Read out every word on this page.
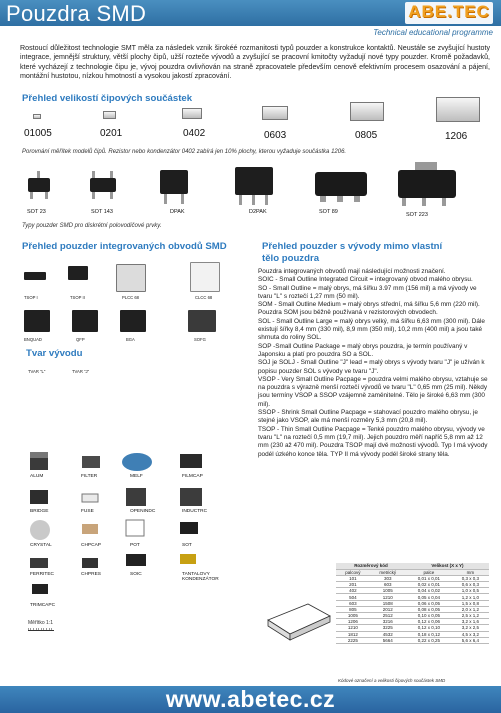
Pouzdra SMD	ABE.TEC
Technical educational programme
Rostoucí důležitost technologie SMT měla za následek vznik širokéé rozmanitosti typů pouzder a konstrukce kontaktů. Neustále se zvyšující hustoty integrace, jemnější struktury, větší plochy čipů, užší rozteče vývodů a zvyšující se pracovní kmitočty vyžadují nové typy pouzder. Kromě požadavků, které vycházejí z technologie čipu je, vývoj pouzdra ovlivňován na straně zpracovatele především cenově efektivním procesem osazování a pájení, montážní hustotou, nízkou hmotností a vysokou jakostí zpracování.
Přehled velikostí čipových součástek
01005	0201	0402	0603	0805	1206
Porovnání měřítek modelů čipů. Rezistor nebo kondenzátor 0402 zabírá jen 10% plochy, kterou vyžaduje součástka 1206.
SOT 23	SOT 143	DPAK	D2PAK	SOT 89	SOT 223
Typy pouzder SMD pro diskrétní polovodičové prvky.
Přehled pouzder integrovaných obvodů SMD
TSOP I	TSOP II	PLCC 68	CLCC 68
BNQUAD	QFP	BGA	SOFG
Tvar vývodu
TVAR "L"	TVAR "J"
ALUM	FILTER	MELF	FILMCAP
BRIDGE	FUSE	OPENINDC	INDUCTRC
CRYSTAL	CHPCAP	POT	SOT
FERRITEC	CHPRES	SOIC	TANTALOVY KONDENZÁTOR
TRIMCAPC
Měřítko 1:1
Přehled pouzder s vývody mimo vlastní
tělo pouzdra

Pouzdra integrovaných obvodů mají následující možnosti značení.

SOIC - Small Outline Integrated Circuit = integrovaný obvod malého obrysu.

SO - Small Outline = malý obrys, má šířku 3.97 mm (156 mil) a má vývody ve tvaru "L" s roztečí 1,27 mm (50 mil).

SOM - Small Outline Medium = malý obrys střední, má šířku 5,6 mm (220 mil). Pouzdra SOM jsou běžně používaná v rezistorových obvodech.

SOL - Small Outline Large = malý obrys velký, má šířku 6,63 mm (300 mil). Dále existují šířky 8,4 mm (330 mil), 8,9 mm (350 mil), 10,2 mm (400 mil) a jsou také shrnuta do roliny SOL.

SOP -Small Outline Package = malý obrys pouzdra, je termín používaný v Japonsku a platí pro pouzdra SO a SOL.

SOJ je SOLJ - Small Outline "J" lead = malý obrys s vývody tvaru "J" je užíván k popisu pouzder SOL s vývody ve tvaru "J".

VSOP - Very Small Outline Pacpage = pouzdra velmi malého obrysu, vztahuje se na pouzdra s výrazně menší roztečí vývodů ve tvaru "L" 0,65 mm (25 mil). Někdy jsou termíny VSOP a SSOP vzájemně zaměnitelné. Tělo je široké 6,63 mm (300 mil).

SSOP - Shrink Small Outline Pacpage = stahovací pouzdro malého obrysu, je stejné jako VSOP, ale má menší rozměry 5,3 mm (20,8 mil).

TSOP - Thin Small Outline Pacpage = Tenké pouzdro malého obrysu, vývody ve tvaru "L" na roztečí 0,5 mm (19,7 mil). Jejich pouzdro měří napříč 5,8 mm až 12 mm (230 až 470 mil). Pouzdra TSOP mají dvě možnosti vývodů. Typ I má vývody podél úzkého konce těla. TYP II má vývody podél široké strany těla.

Rozměrový kód		Velikost (X x Y)	
palcový	metrický	palce	mm
101	303	0,01 x 0,01	0,3 x 0,3
201	603	0,02 x 0,01	0,6 x 0,3
402	1005	0,04 x 0,02	1,0 x 0,5
504	1210	0,05 x 0,04	1,2 x 1,0
603	1508	0,06 x 0,05	1,5 x 0,8
805	2012	0,08 x 0,05	2,0 x 1,2
1005	2512	0,10 x 0,05	2,5 x 1,2
1206	3216	0,12 x 0,06	3,2 x 1,6
1210	3225	0,12 x 0,10	3,2 x 2,5
1812	4532	0,18 x 0,12	4,5 x 3,2
2225	5664	0,22 x 0,25	5,6 x 6,4
Kódové označení a velikosti čipových součástek SMD
www.abetec.cz
